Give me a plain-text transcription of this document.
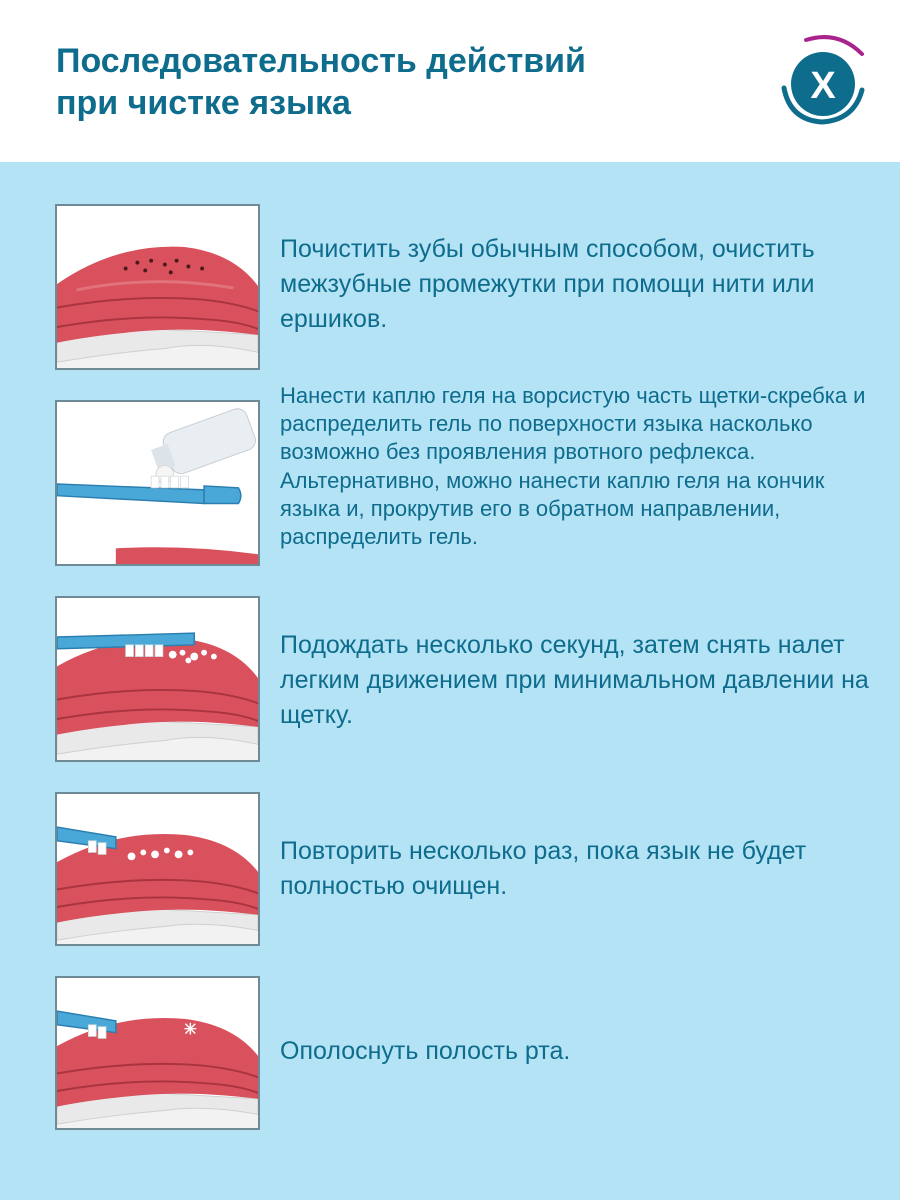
Последовательность действий
при чистке языка	X
Почистить зубы обычным способом, очистить межзубные промежутки при помощи нити или ершиков.
Нанести каплю геля на ворсистую часть щетки-скребка и распределить гель по поверхности языка насколько возможно без проявления рвотного рефлекса. Альтернативно, можно нанести каплю геля на кончик языка и, прокрутив его в обратном направлении, распределить гель.
Подождать несколько секунд, затем снять налет легким движением при минимальном давлении на щетку.
Повторить несколько раз, пока язык не будет полностью очищен.
Ополоснуть полость рта.
